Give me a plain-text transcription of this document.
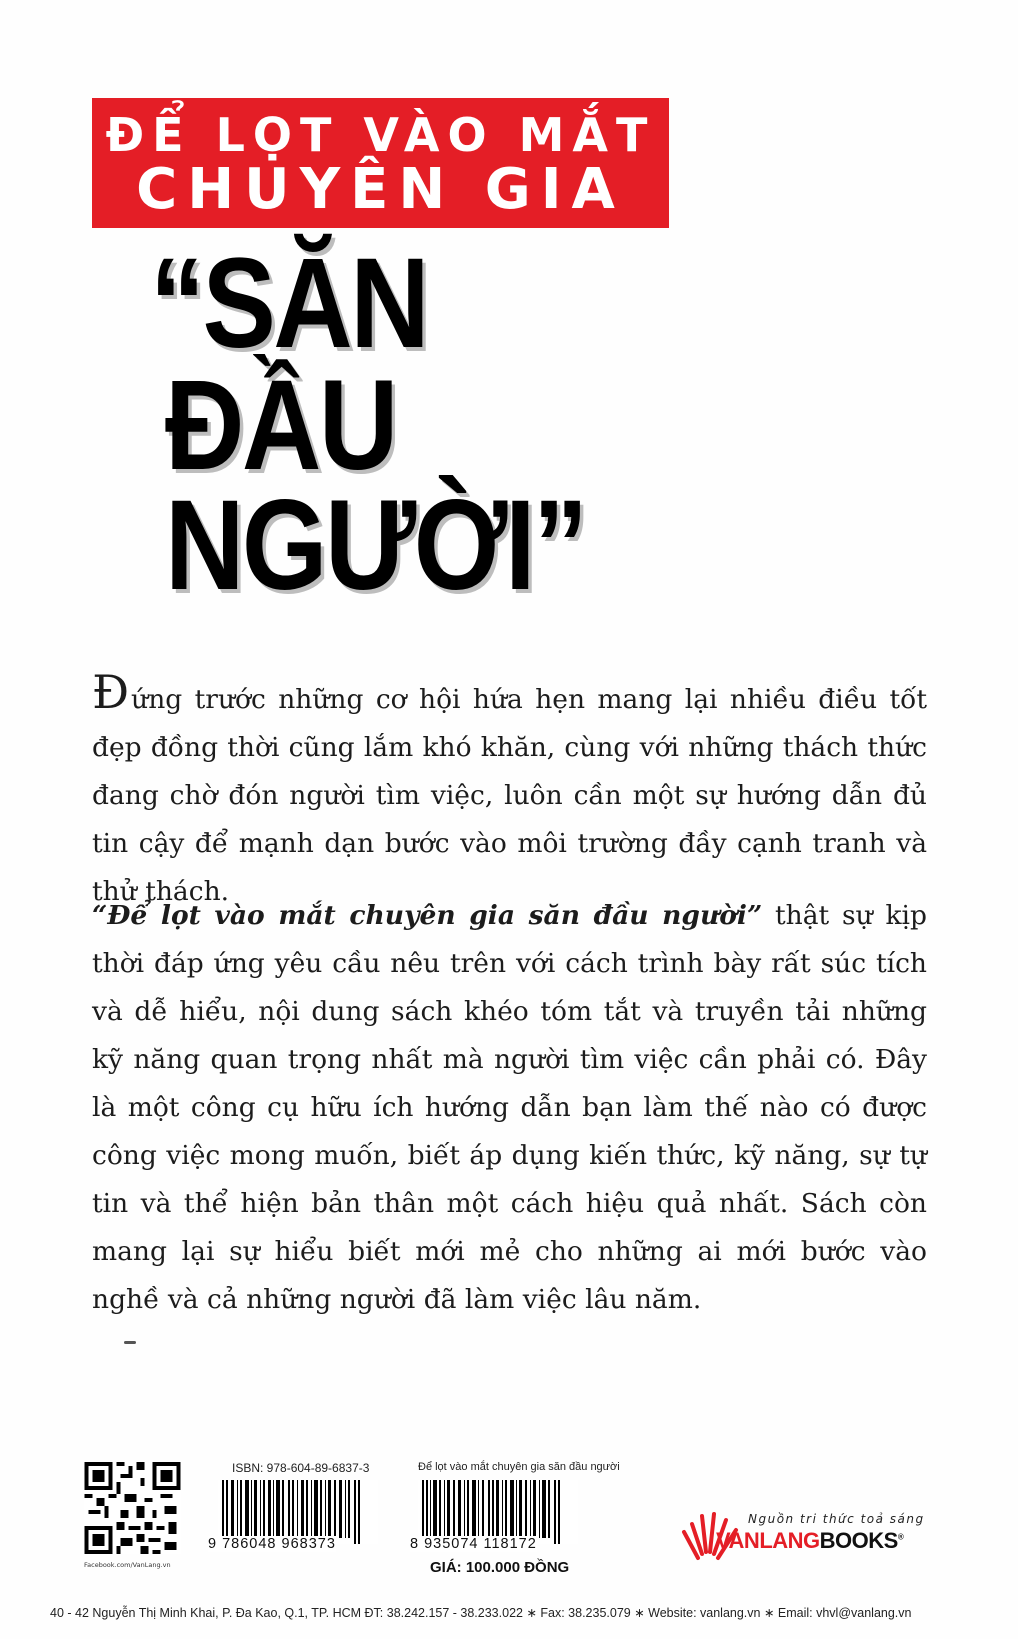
ĐỂ LỌT VÀO MẮT
CHUYÊN GIA
“SĂN
ĐẦU
NGƯỜI”
Đứng trước những cơ hội hứa hẹn mang lại nhiều điều tốt đẹp đồng thời cũng lắm khó khăn, cùng với những thách thức đang chờ đón người tìm việc, luôn cần một sự hướng dẫn đủ tin cậy để mạnh dạn bước vào môi trường đầy cạnh tranh và thử thách.
“Để lọt vào mắt chuyên gia săn đầu người” thật sự kịp thời đáp ứng yêu cầu nêu trên với cách trình bày rất súc tích và dễ hiểu, nội dung sách khéo tóm tắt và truyền tải những kỹ năng quan trọng nhất mà người tìm việc cần phải có. Đây là một công cụ hữu ích hướng dẫn bạn làm thế nào có được công việc mong muốn, biết áp dụng kiến thức, kỹ năng, sự tự tin và thể hiện bản thân một cách hiệu quả nhất. Sách còn mang lại sự hiểu biết mới mẻ cho những ai mới bước vào nghề và cả những người đã làm việc lâu năm.
Facebook.com/VanLang.vn
ISBN: 978-604-89-6837-3
9 786048 968373
Để lọt vào mắt chuyên gia săn đầu người
8 935074 118172
GIÁ: 100.000 ĐỒNG
Nguồn tri thức toả sáng
VANLANGBOOKS®
40 - 42 Nguyễn Thị Minh Khai, P. Đa Kao, Q.1, TP. HCM ĐT: 38.242.157 - 38.233.022 ∗ Fax: 38.235.079 ∗ Website: vanlang.vn ∗ Email: vhvl@vanlang.vn
